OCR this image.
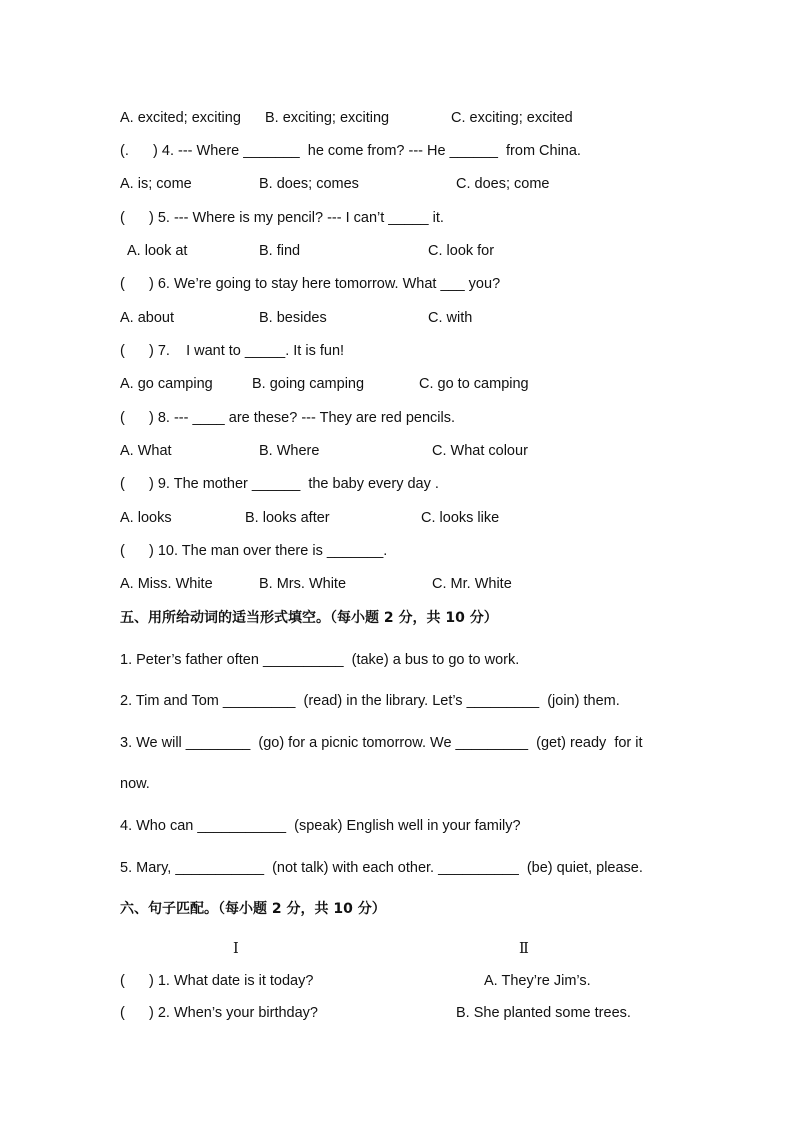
A. excited; exciting B. exciting; exciting	C. exciting; excited
(.      ) 4. --- Where _______  he come from? --- He ______  from China.
A. is; come	B. does; comes	C. does; come
(      ) 5. --- Where is my pencil? --- I can’t _____ it.
A. look at	B. find	C. look for
(      ) 6. We’re going to stay here tomorrow. What ___ you?
A. about	B. besides	C. with
(      ) 7.    I want to _____. It is fun!
A. go camping	B. going camping	C. go to camping
(      ) 8. --- ____ are these? --- They are red pencils.
A. What	B. Where	C. What colour
(      ) 9. The mother ______  the baby every day .
A. looks	B. looks after	C. looks like
(      ) 10. The man over there is _______.
A. Miss. White	B. Mrs. White	C. Mr. White
五、用所给动词的适当形式填空。（每小题 2 分，共 10 分）
1. Peter’s father often __________  (take) a bus to go to work.
2. Tim and Tom _________  (read) in the library. Let’s _________  (join) them.
3. We will ________  (go) for a picnic tomorrow. We _________  (get) ready  for it
now.
4. Who can ___________  (speak) English well in your family?
5. Mary, ___________  (not talk) with each other. __________  (be) quiet, please.
六、句子匹配。（每小题 2 分，共 10 分）
Ⅰ	Ⅱ
(      ) 1. What date is it today?	A. They’re Jim’s.
(      ) 2. When’s your birthday?	B. She planted some trees.
